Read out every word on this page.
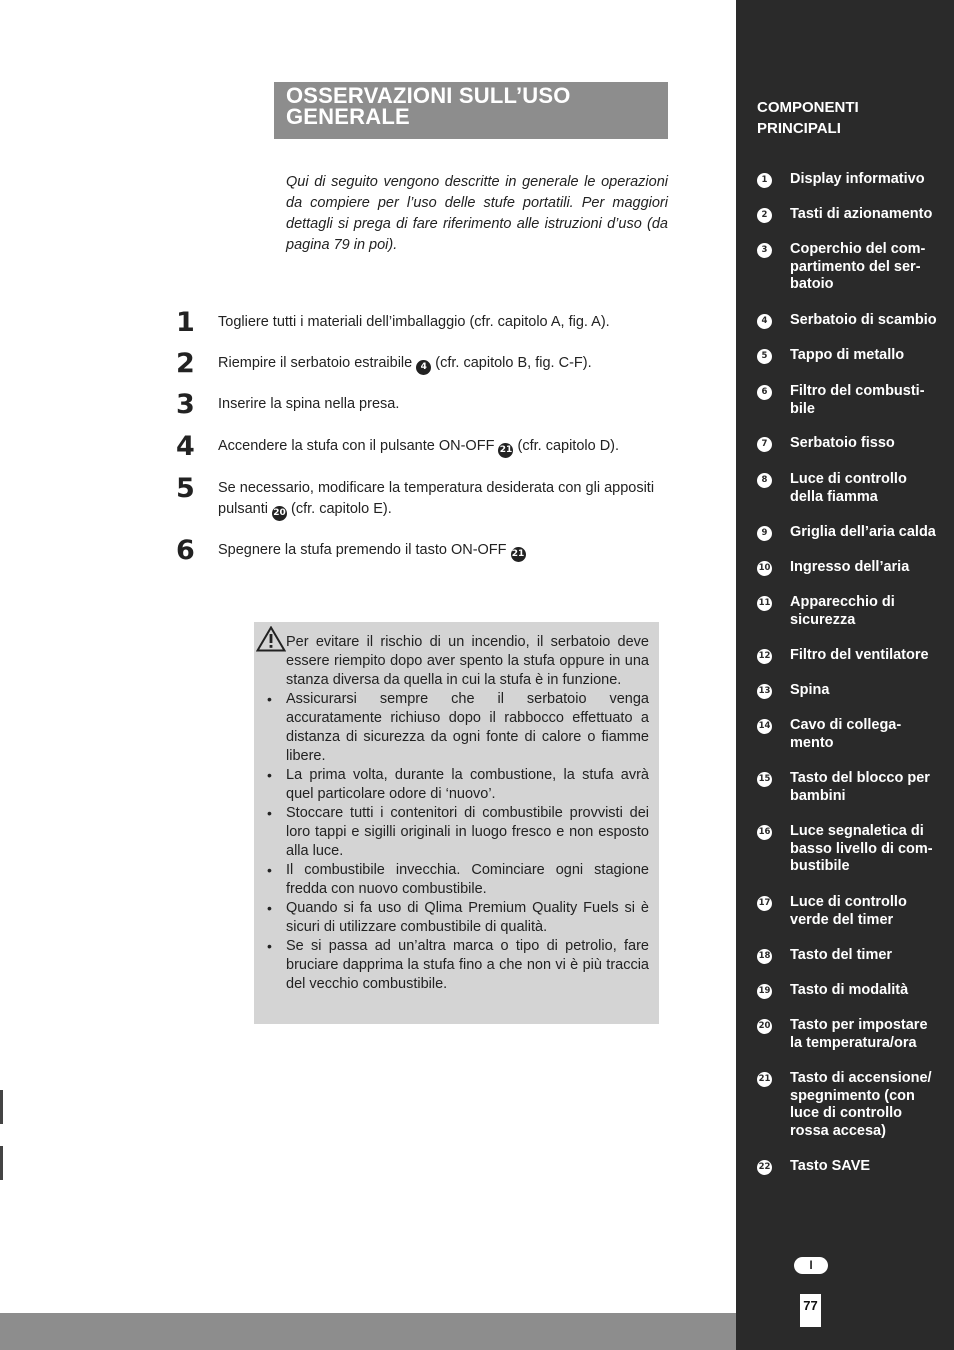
OSSERVAZIONI SULL’USO
GENERALE
Qui di seguito vengono descritte in generale le operazioni da compiere per l’uso delle stufe portatili. Per maggiori dettagli si prega di fare riferimento alle istruzioni d’uso (da pagina 79 in poi).
1	Togliere tutti i materiali dell’imballaggio (cfr. capitolo A, fig. A).
2	Riempire il serbatoio estraibile 4 (cfr. capitolo B, fig. C-F).
3	Inserire la spina nella presa.
4	Accendere la stufa con il pulsante ON-OFF 21 (cfr. capitolo D).
5	Se necessario, modificare la temperatura desiderata con gli appositi pulsanti 20 (cfr. capitolo E).
6	Spegnere la stufa premendo il tasto ON-OFF 21

Per evitare il rischio di un incendio, il serbatoio deve essere riempito dopo aver spento la stufa oppure in una stanza diversa da quella in cui la stufa è in funzione.

• Assicurarsi sempre che il serbatoio venga accuratamente richiuso dopo il rabbocco effettuato a distanza di sicurezza da ogni fonte di calore o fiamme libere.
• La prima volta, durante la combustione, la stufa avrà quel particolare odore di ‘nuovo’.
• Stoccare tutti i contenitori di combustibile provvisti dei loro tappi e sigilli originali in luogo fresco e non esposto alla luce.
• Il combustibile invecchia. Cominciare ogni stagione fredda con nuovo combustibile.
• Quando si fa uso di Qlima Premium Quality Fuels si è sicuri di utilizzare combustibile di qualità.
• Se si passa ad un’altra marca o tipo di petrolio, fare bruciare dapprima la stufa fino a che non vi è più traccia del vecchio combustibile.
COMPONENTI
PRINCIPALI
1	Display informativo
2	Tasti di azionamento
3	Coperchio del com-
partimento del ser-
batoio
4	Serbatoio di scambio
5	Tappo di metallo
6	Filtro del combusti-
bile
7	Serbatoio fisso
8	Luce di controllo
della fiamma
9	Griglia dell’aria calda
10 Ingresso dell’aria
11 Apparecchio di
sicurezza
12 Filtro del ventilatore
13 Spina
14 Cavo di collega-
mento
15 Tasto del blocco per
bambini
16 Luce segnaletica di
basso livello di com-
bustibile
17 Luce di controllo
verde del timer
18 Tasto del timer
19 Tasto di modalità
20 Tasto per impostare
la temperatura/ora
21 Tasto di accensione/
spegnimento (con
luce di controllo
rossa accesa)
22 Tasto SAVE
I
77
